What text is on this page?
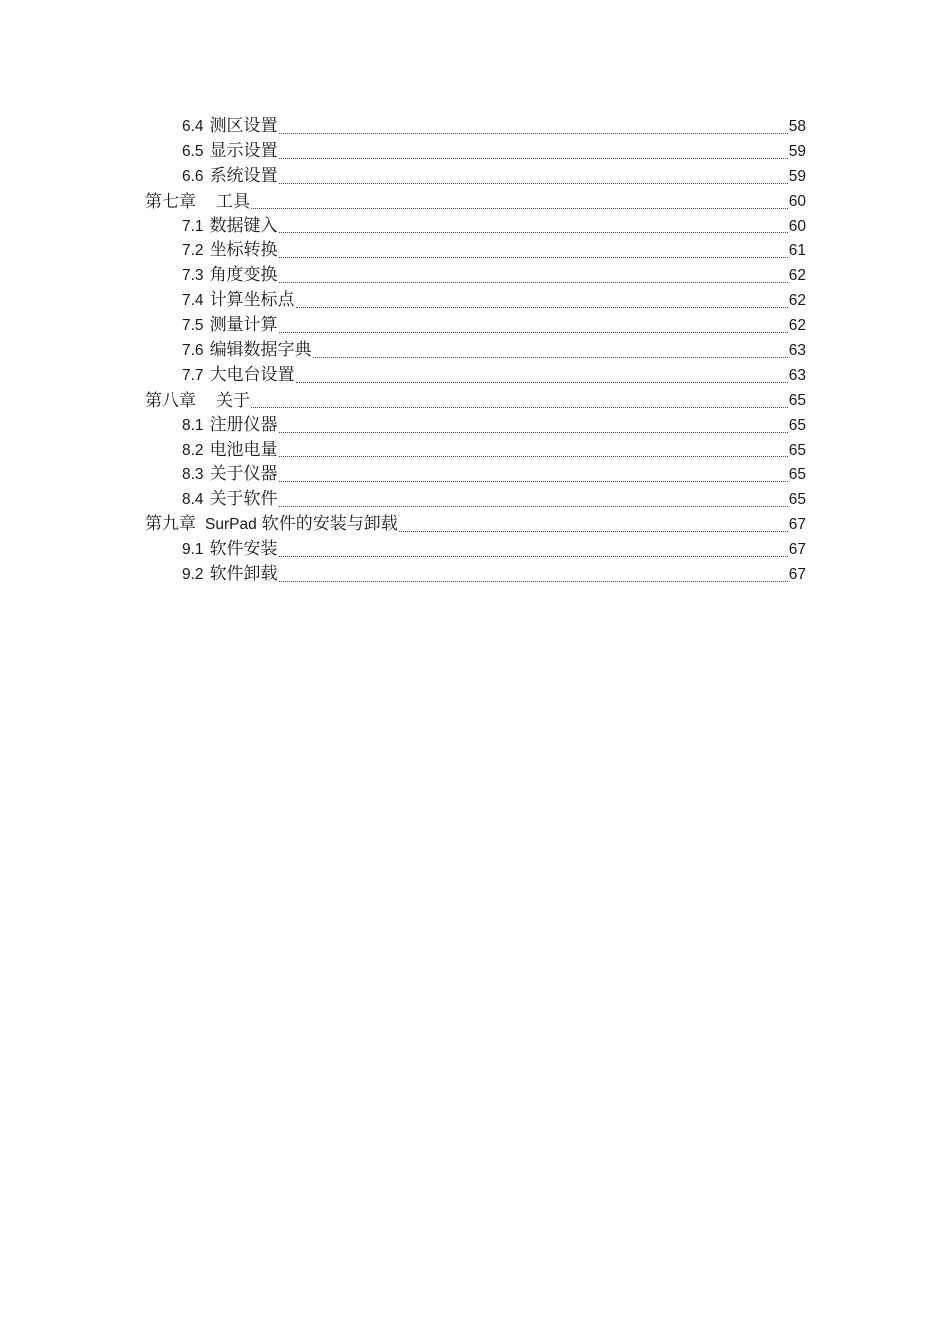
6.4 测区设置	58
6.5 显示设置	59
6.6 系统设置	59
第七章 工具	60
7.1 数据键入	60
7.2 坐标转换	61
7.3 角度变换	62
7.4 计算坐标点	62
7.5 测量计算	62
7.6 编辑数据字典	63
7.7 大电台设置	63
第八章 关于	65
8.1 注册仪器	65
8.2 电池电量	65
8.3 关于仪器	65
8.4 关于软件	65
第九章 SurPad 软件的安装与卸载	67
9.1 软件安装	67
9.2 软件卸载	67
